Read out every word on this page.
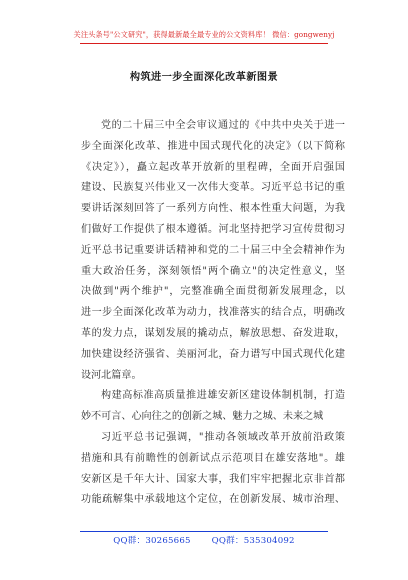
关注头条号"公文研究"，获得最新最全最专业的公文资料库！ 微信：gongwenyj
构筑进一步全面深化改革新图景
党的二十届三中全会审议通过的《中共中央关于进一
步全面深化改革、推进中国式现代化的决定》（以下简称
《决定》），矗立起改革开放新的里程碑，全面开启强国
建设、民族复兴伟业又一次伟大变革。习近平总书记的重
要讲话深刻回答了一系列方向性、根本性重大问题，为我
们做好工作提供了根本遵循。河北坚持把学习宣传贯彻习
近平总书记重要讲话精神和党的二十届三中全会精神作为
重大政治任务，深刻领悟"两个确立"的决定性意义，坚
决做到"两个维护"，完整准确全面贯彻新发展理念，以
进一步全面深化改革为动力，找准落实的结合点，明确改
革的发力点，谋划发展的撬动点，解放思想、奋发进取，
加快建设经济强省、美丽河北，奋力谱写中国式现代化建
设河北篇章。
构建高标准高质量推进雄安新区建设体制机制，打造
妙不可言、心向往之的创新之城、魅力之城、未来之城
习近平总书记强调，"推动各领域改革开放前沿政策
措施和具有前瞻性的创新试点示范项目在雄安落地"。雄
安新区是千年大计、国家大事，我们牢牢把握北京非首都
功能疏解集中承载地这个定位，在创新发展、城市治理、
QQ群：30265665 QQ群：535304092
